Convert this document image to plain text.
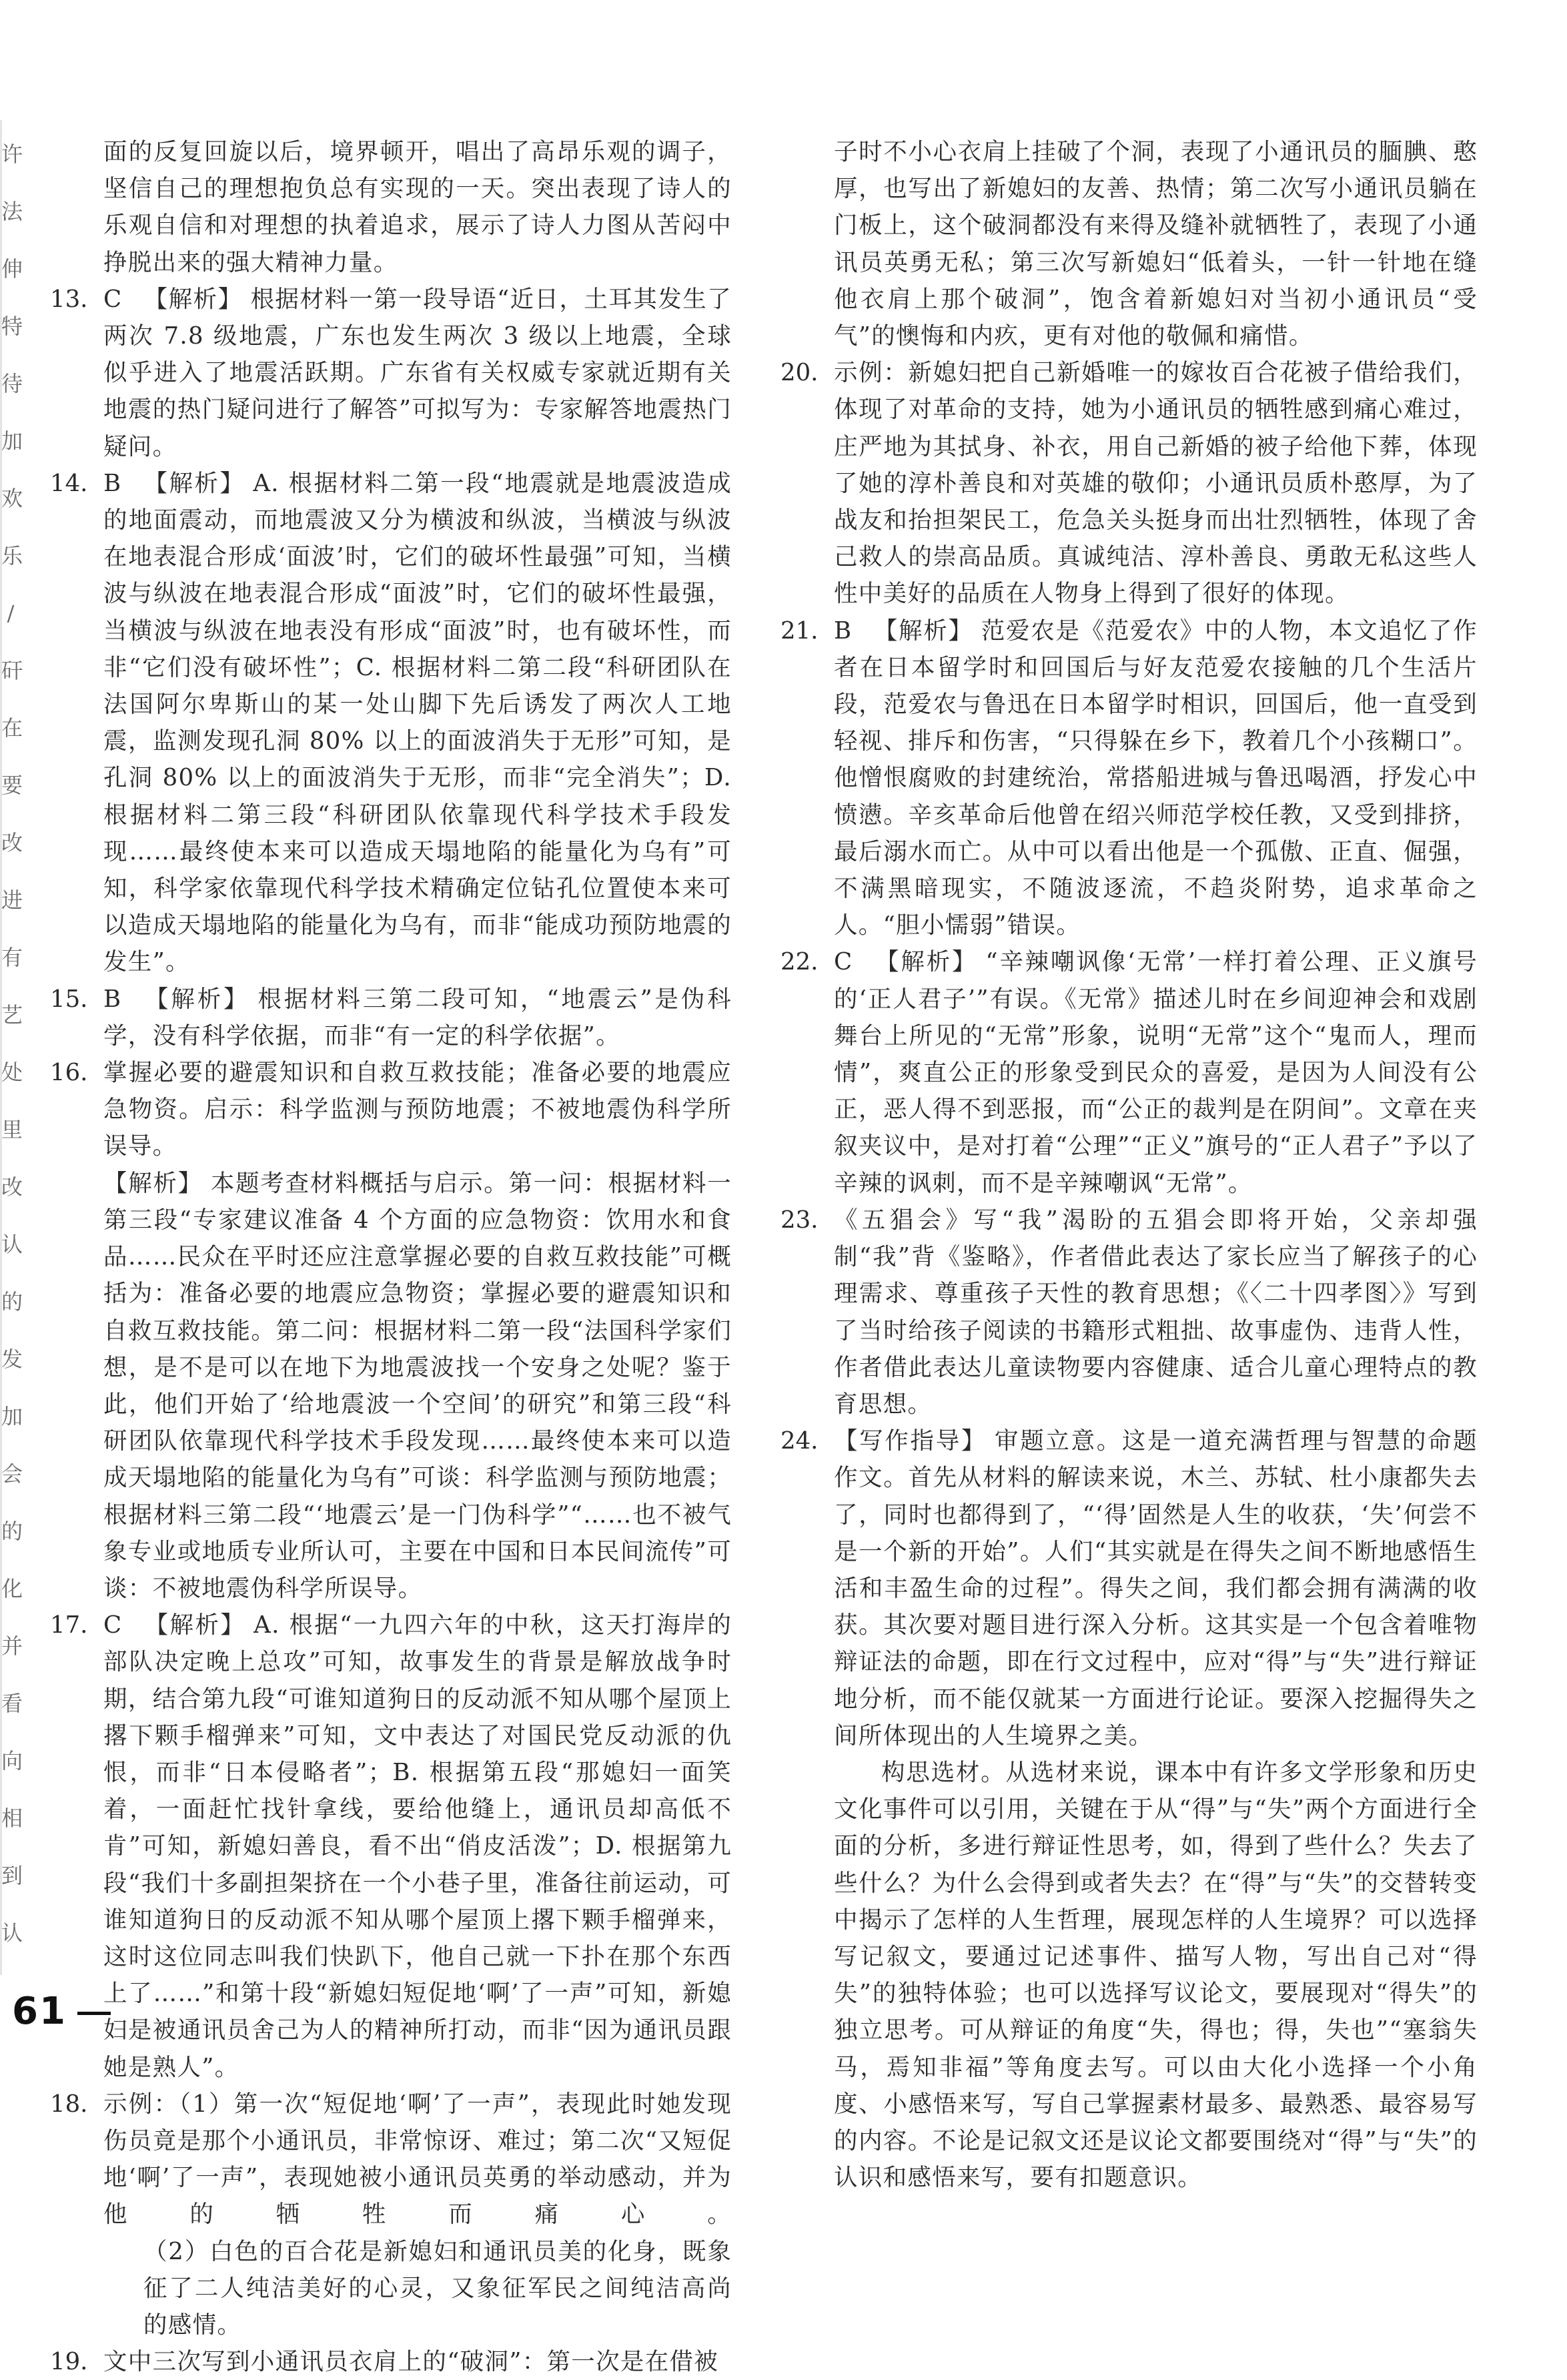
许
法
伸
特
待
加
欢
乐
/
矸
在
要
改
进
有
艺
处
里
改
认
的
发
加
会
的
化
并
看
向
相
到
认
面的反复回旋以后，境界顿开，唱出了高昂乐观的调子，坚信自己的理想抱负总有实现的一天。突出表现了诗人的乐观自信和对理想的执着追求，展示了诗人力图从苦闷中挣脱出来的强大精神力量。
13. C 【解析】 根据材料一第一段导语“近日，土耳其发生了两次 7.8 级地震，广东也发生两次 3 级以上地震，全球似乎进入了地震活跃期。广东省有关权威专家就近期有关地震的热门疑问进行了解答”可拟写为：专家解答地震热门疑问。
14. B 【解析】 A. 根据材料二第一段“地震就是地震波造成的地面震动，而地震波又分为横波和纵波，当横波与纵波在地表混合形成‘面波’时，它们的破坏性最强”可知，当横波与纵波在地表混合形成“面波”时，它们的破坏性最强，当横波与纵波在地表没有形成“面波”时，也有破坏性，而非“它们没有破坏性”；C. 根据材料二第二段“科研团队在法国阿尔卑斯山的某一处山脚下先后诱发了两次人工地震，监测发现孔洞 80% 以上的面波消失于无形”可知，是孔洞 80% 以上的面波消失于无形，而非“完全消失”；D. 根据材料二第三段“科研团队依靠现代科学技术手段发现……最终使本来可以造成天塌地陷的能量化为乌有”可知，科学家依靠现代科学技术精确定位钻孔位置使本来可以造成天塌地陷的能量化为乌有，而非“能成功预防地震的发生”。
15. B 【解析】 根据材料三第二段可知，“地震云”是伪科学，没有科学依据，而非“有一定的科学依据”。
16. 掌握必要的避震知识和自救互救技能；准备必要的地震应急物资。启示：科学监测与预防地震；不被地震伪科学所误导。
【解析】 本题考查材料概括与启示。第一问：根据材料一第三段“专家建议准备 4 个方面的应急物资：饮用水和食品……民众在平时还应注意掌握必要的自救互救技能”可概括为：准备必要的地震应急物资；掌握必要的避震知识和自救互救技能。第二问：根据材料二第一段“法国科学家们想，是不是可以在地下为地震波找一个安身之处呢？鉴于此，他们开始了‘给地震波一个空间’的研究”和第三段“科研团队依靠现代科学技术手段发现……最终使本来可以造成天塌地陷的能量化为乌有”可谈：科学监测与预防地震；根据材料三第二段“‘地震云’是一门伪科学”“……也不被气象专业或地质专业所认可，主要在中国和日本民间流传”可谈：不被地震伪科学所误导。
17. C 【解析】 A. 根据“一九四六年的中秋，这天打海岸的部队决定晚上总攻”可知，故事发生的背景是解放战争时期，结合第九段“可谁知道狗日的反动派不知从哪个屋顶上撂下颗手榴弹来”可知，文中表达了对国民党反动派的仇恨，而非“日本侵略者”；B. 根据第五段“那媳妇一面笑着，一面赶忙找针拿线，要给他缝上，通讯员却高低不肯”可知，新媳妇善良，看不出“俏皮活泼”；D. 根据第九段“我们十多副担架挤在一个小巷子里，准备往前运动，可谁知道狗日的反动派不知从哪个屋顶上撂下颗手榴弹来，这时这位同志叫我们快趴下，他自己就一下扑在那个东西上了……”和第十段“新媳妇短促地‘啊’了一声”可知，新媳妇是被通讯员舍己为人的精神所打动，而非“因为通讯员跟她是熟人”。
18. 示例：（1）第一次“短促地‘啊’了一声”，表现此时她发现伤员竟是那个小通讯员，非常惊讶、难过；第二次“又短促地‘啊’了一声”，表现她被小通讯员英勇的举动感动，并为他的牺牲而痛心。（2）白色的百合花是新媳妇和通讯员美的化身，既象征了二人纯洁美好的心灵，又象征军民之间纯洁高尚的感情。
19. 文中三次写到小通讯员衣肩上的“破洞”：第一次是在借被
子时不小心衣肩上挂破了个洞，表现了小通讯员的腼腆、憨厚，也写出了新媳妇的友善、热情；第二次写小通讯员躺在门板上，这个破洞都没有来得及缝补就牺牲了，表现了小通讯员英勇无私；第三次写新媳妇“低着头，一针一针地在缝他衣肩上那个破洞”，饱含着新媳妇对当初小通讯员“受气”的懊悔和内疚，更有对他的敬佩和痛惜。
20. 示例：新媳妇把自己新婚唯一的嫁妆百合花被子借给我们，体现了对革命的支持，她为小通讯员的牺牲感到痛心难过，庄严地为其拭身、补衣，用自己新婚的被子给他下葬，体现了她的淳朴善良和对英雄的敬仰；小通讯员质朴憨厚，为了战友和抬担架民工，危急关头挺身而出壮烈牺牲，体现了舍己救人的崇高品质。真诚纯洁、淳朴善良、勇敢无私这些人性中美好的品质在人物身上得到了很好的体现。
21. B 【解析】 范爱农是《范爱农》中的人物，本文追忆了作者在日本留学时和回国后与好友范爱农接触的几个生活片段，范爱农与鲁迅在日本留学时相识，回国后，他一直受到轻视、排斥和伤害，“只得躲在乡下，教着几个小孩糊口”。他憎恨腐败的封建统治，常搭船进城与鲁迅喝酒，抒发心中愤懑。辛亥革命后他曾在绍兴师范学校任教，又受到排挤，最后溺水而亡。从中可以看出他是一个孤傲、正直、倔强，不满黑暗现实，不随波逐流，不趋炎附势，追求革命之人。“胆小懦弱”错误。
22. C 【解析】 “辛辣嘲讽像‘无常’一样打着公理、正义旗号的‘正人君子’”有误。《无常》描述儿时在乡间迎神会和戏剧舞台上所见的“无常”形象，说明“无常”这个“鬼而人，理而情”，爽直公正的形象受到民众的喜爱，是因为人间没有公正，恶人得不到恶报，而“公正的裁判是在阴间”。文章在夹叙夹议中，是对打着“公理”“正义”旗号的“正人君子”予以了辛辣的讽刺，而不是辛辣嘲讽“无常”。
23. 《五猖会》写“我”渴盼的五猖会即将开始，父亲却强制“我”背《鉴略》，作者借此表达了家长应当了解孩子的心理需求、尊重孩子天性的教育思想；《〈二十四孝图〉》写到了当时给孩子阅读的书籍形式粗拙、故事虚伪、违背人性，作者借此表达儿童读物要内容健康、适合儿童心理特点的教育思想。
24. 【写作指导】 审题立意。这是一道充满哲理与智慧的命题作文。首先从材料的解读来说，木兰、苏轼、杜小康都失去了，同时也都得到了，“‘得’固然是人生的收获，‘失’何尝不是一个新的开始”。人们“其实就是在得失之间不断地感悟生活和丰盈生命的过程”。得失之间，我们都会拥有满满的收获。其次要对题目进行深入分析。这其实是一个包含着唯物辩证法的命题，即在行文过程中，应对“得”与“失”进行辩证地分析，而不能仅就某一方面进行论证。要深入挖掘得失之间所体现出的人生境界之美。
构思选材。从选材来说，课本中有许多文学形象和历史文化事件可以引用，关键在于从“得”与“失”两个方面进行全面的分析，多进行辩证性思考，如，得到了些什么？失去了些什么？为什么会得到或者失去？在“得”与“失”的交替转变中揭示了怎样的人生哲理，展现怎样的人生境界？可以选择写记叙文，要通过记述事件、描写人物，写出自己对“得失”的独特体验；也可以选择写议论文，要展现对“得失”的独立思考。可从辩证的角度“失，得也；得，失也”“塞翁失马，焉知非福”等角度去写。可以由大化小选择一个小角度、小感悟来写，写自己掌握素材最多、最熟悉、最容易写的内容。不论是记叙文还是议论文都要围绕对“得”与“失”的认识和感悟来写，要有扣题意识。
61
